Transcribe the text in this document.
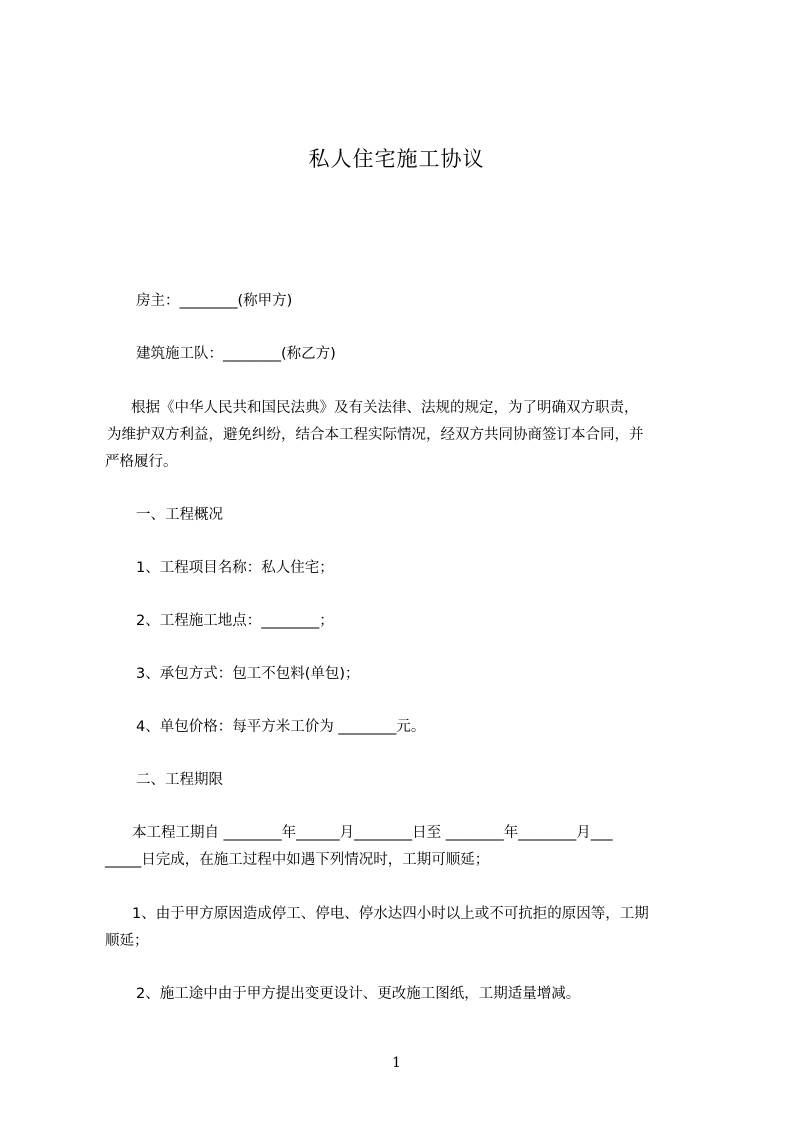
私人住宅施工协议
房主：________(称甲方)
建筑施工队：________(称乙方)
根据《中华人民共和国民法典》及有关法律、法规的规定，为了明确双方职责，
为维护双方利益，避免纠纷，结合本工程实际情况，经双方共同协商签订本合同，并
严格履行。
一、工程概况
1、工程项目名称：私人住宅；
2、工程施工地点：________；
3、承包方式：包工不包料(单包)；
4、单包价格：每平方米工价为 ________元。
二、工程期限
本工程工期自 ________年______月________日至 ________年________月___
_____日完成，在施工过程中如遇下列情况时，工期可顺延；
1、由于甲方原因造成停工、停电、停水达四小时以上或不可抗拒的原因等，工期
顺延；
2、施工途中由于甲方提出变更设计、更改施工图纸，工期适量增减。
1
